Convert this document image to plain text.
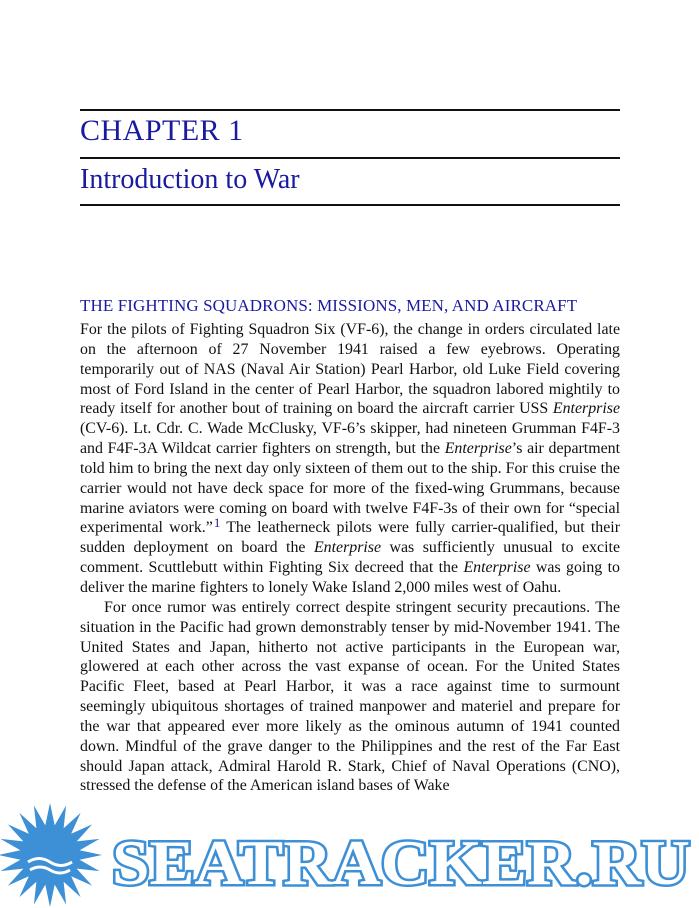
CHAPTER 1
Introduction to War
THE FIGHTING SQUADRONS: MISSIONS, MEN, AND AIRCRAFT

For the pilots of Fighting Squadron Six (VF-6), the change in orders circulated late on the afternoon of 27 November 1941 raised a few eyebrows. Operating temporarily out of NAS (Naval Air Station) Pearl Harbor, old Luke Field covering most of Ford Island in the center of Pearl Harbor, the squadron labored mightily to ready itself for another bout of training on board the aircraft carrier USS Enterprise (CV-6). Lt. Cdr. C. Wade McClusky, VF-6’s skipper, had nineteen Grumman F4F-3 and F4F-3A Wildcat carrier fighters on strength, but the Enterprise’s air department told him to bring the next day only sixteen of them out to the ship. For this cruise the carrier would not have deck space for more of the fixed-wing Grummans, because marine aviators were coming on board with twelve F4F-3s of their own for “special experimental work.”$^1$ The leatherneck pilots were fully carrier-qualified, but their sudden deployment on board the Enterprise was sufficiently unusual to excite comment. Scuttlebutt within Fighting Six decreed that the Enterprise was going to deliver the marine fighters to lonely Wake Island 2,000 miles west of Oahu.

For once rumor was entirely correct despite stringent security precautions. The situation in the Pacific had grown demonstrably tenser by mid-November 1941. The United States and Japan, hitherto not active participants in the European war, glowered at each other across the vast expanse of ocean. For the United States Pacific Fleet, based at Pearl Harbor, it was a race against time to surmount seemingly ubiquitous shortages of trained manpower and materiel and prepare for the war that appeared ever more likely as the ominous autumn of 1941 counted down. Mindful of the grave danger to the Philippines and the rest of the Far East should Japan attack, Admiral Harold R. Stark, Chief of Naval Operations (CNO), stressed the defense of the American island bases of Wake

SEATRACKER.RU
